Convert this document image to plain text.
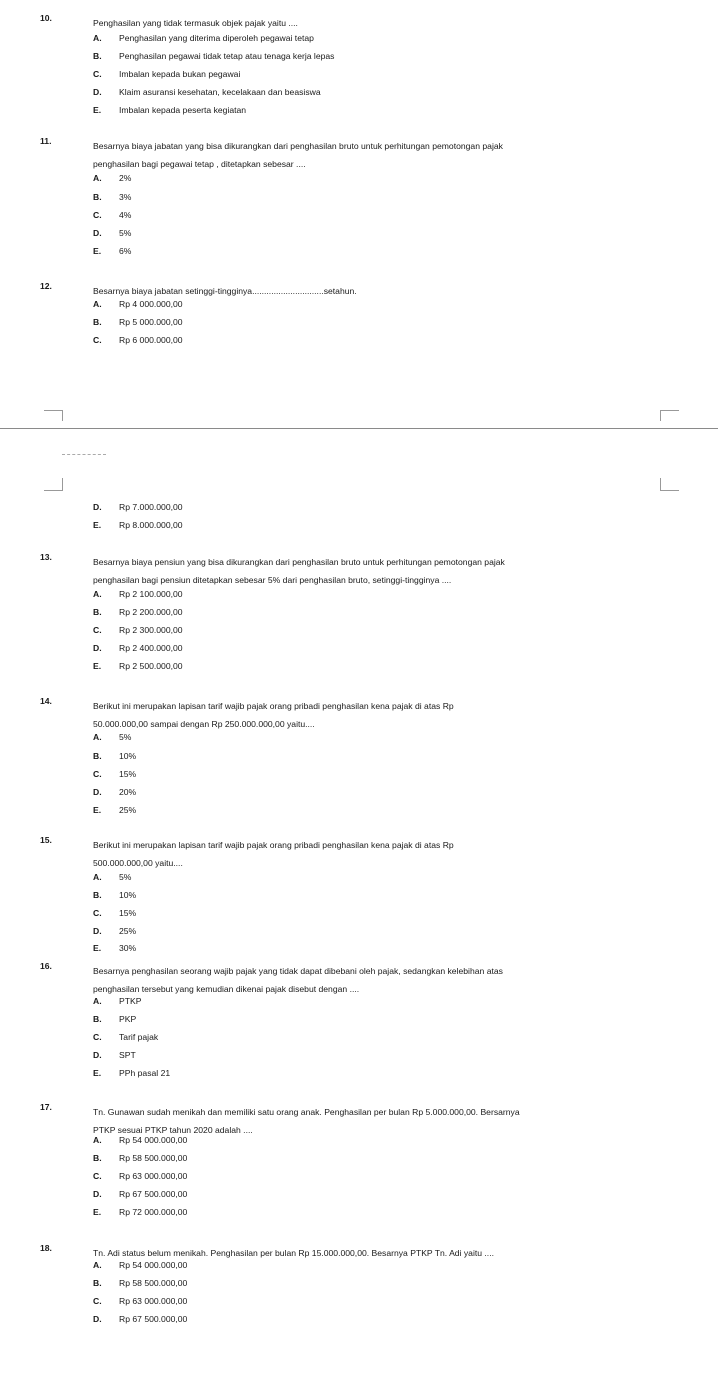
10.	Penghasilan yang tidak termasuk objek pajak yaitu ....
A. Penghasilan yang diterima diperoleh pegawai tetap
B. Penghasilan pegawai tidak tetap atau tenaga kerja lepas
C. Imbalan kepada bukan pegawai
D. Klaim asuransi kesehatan, kecelakaan dan beasiswa
E. Imbalan kepada peserta kegiatan
11.	Besarnya biaya jabatan yang bisa dikurangkan dari penghasilan bruto untuk perhitungan pemotongan pajak
penghasilan bagi pegawai tetap , ditetapkan sebesar ....
A. 2%
B. 3%
C. 4%
D. 5%
E. 6%
12.	Besarnya biaya jabatan setinggi-tingginya..............................setahun.
A. Rp 4 000.000,00
B. Rp 5 000.000,00
C. Rp 6 000.000,00
D. Rp 7.000.000,00
E. Rp 8.000.000,00
13.	Besarnya biaya pensiun yang bisa dikurangkan dari penghasilan bruto untuk perhitungan pemotongan pajak
penghasilan bagi pensiun ditetapkan sebesar 5% dari penghasilan bruto, setinggi-tingginya ....
A. Rp 2 100.000,00
B. Rp 2 200.000,00
C. Rp 2 300.000,00
D. Rp 2 400.000,00
E. Rp 2 500.000,00
14.	Berikut ini merupakan lapisan tarif wajib pajak orang pribadi penghasilan kena pajak di atas Rp
50.000.000,00 sampai dengan Rp 250.000.000,00 yaitu....
A. 5%
B. 10%
C. 15%
D. 20%
E. 25%
15.	Berikut ini merupakan lapisan tarif wajib pajak orang pribadi penghasilan kena pajak di atas Rp
500.000.000,00 yaitu....
A. 5%
B. 10%
C. 15%
D. 25%
E. 30%
16.	Besarnya penghasilan seorang wajib pajak yang tidak dapat dibebani oleh pajak, sedangkan kelebihan atas
penghasilan tersebut yang kemudian dikenai pajak disebut dengan ....
A. PTKP
B. PKP
C. Tarif pajak
D. SPT
E. PPh pasal 21
17.	Tn. Gunawan sudah menikah dan memiliki satu orang anak. Penghasilan per bulan Rp 5.000.000,00. Bersarnya
PTKP sesuai PTKP tahun 2020 adalah ....
A. Rp 54 000.000,00
B. Rp 58 500.000,00
C. Rp 63 000.000,00
D. Rp 67 500.000,00
E. Rp 72 000.000,00
18.	Tn. Adi status belum menikah. Penghasilan per bulan Rp 15.000.000,00. Besarnya PTKP Tn. Adi yaitu ....
A. Rp 54 000.000,00
B. Rp 58 500.000,00
C. Rp 63 000.000,00
D. Rp 67 500.000,00
